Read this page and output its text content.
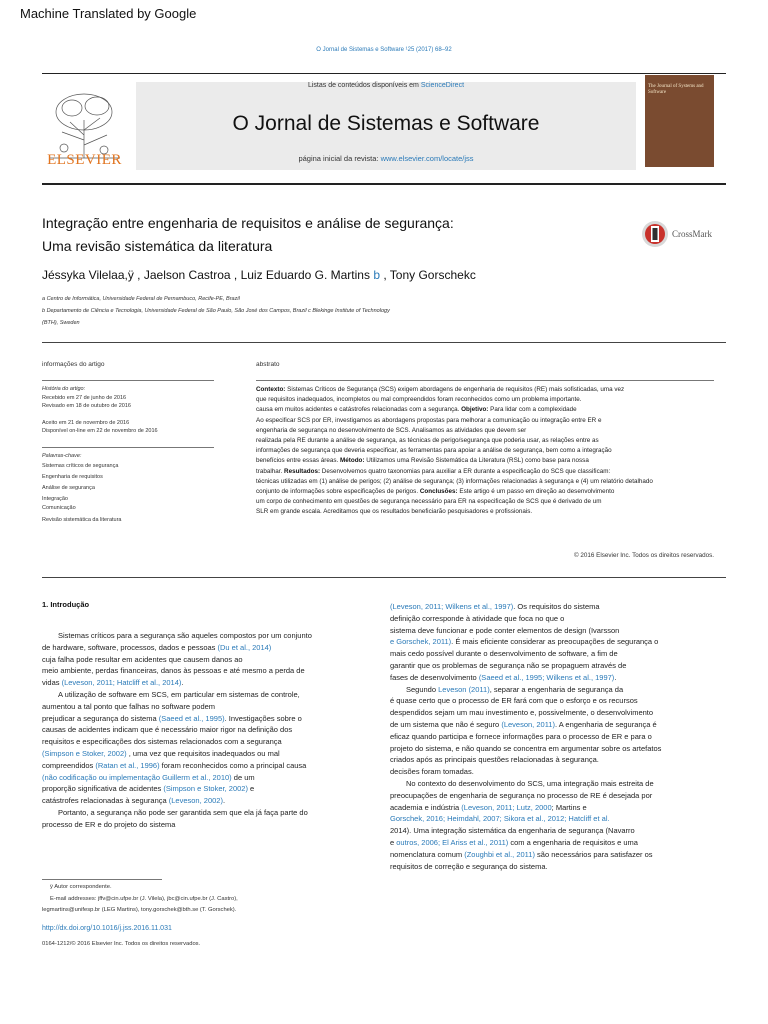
Machine Translated by Google
O Jornal de Sistemas e Software ¹25 (2017) 68–92
ELSEVIER
Listas de conteúdos disponíveis em ScienceDirect
O Jornal de Sistemas e Software
página inicial da revista: www.elsevier.com/locate/jss
The Journal of Systems and Software
Integração entre engenharia de requisitos e análise de segurança:
Uma revisão sistemática da literatura
CrossMark
Jéssyka Vilelaa,ÿ , Jaelson Castroa , Luiz Eduardo G. Martins b , Tony Gorschekc
a Centro de Informática, Universidade Federal de Pernambuco, Recife-PE, Brazil
b Departamento de Ciência e Tecnologia, Universidade Federal de São Paulo, São José dos Campos, Brazil c Blekinge Institute of Technology
(BTH), Sweden
informações do artigo	abstrato
História do artigo:
Recebido em 27 de junho de 2016
Revisado em 18 de outubro de 2016
Aceito em 21 de novembro de 2016
Disponível on-line em 22 de novembro de 2016
Palavras-chave:
Sistemas críticos de segurança
Engenharia de requisitos
Análise de segurança
Integração
Comunicação
Revisão sistemática da literatura
Contexto: Sistemas Críticos de Segurança (SCS) exigem abordagens de engenharia de requisitos (RE) mais sofisticadas, uma vez
que requisitos inadequados, incompletos ou mal compreendidos foram reconhecidos como um problema importante.
causa em muitos acidentes e catástrofes relacionadas com a segurança. Objetivo: Para lidar com a complexidade
Ao especificar SCS por ER, investigamos as abordagens propostas para melhorar a comunicação ou integração entre ER e
engenharia de segurança no desenvolvimento de SCS. Analisamos as atividades que devem ser
realizada pela RE durante a análise de segurança, as técnicas de perigo/segurança que poderia usar, as relações entre as
informações de segurança que deveria especificar, as ferramentas para apoiar a análise de segurança, bem como a integração
benefícios entre essas áreas. Método: Utilizamos uma Revisão Sistemática da Literatura (RSL) como base para nossa
trabalhar. Resultados: Desenvolvemos quatro taxonomias para auxiliar a ER durante a especificação do SCS que classificam:
técnicas utilizadas em (1) análise de perigos; (2) análise de segurança; (3) informações relacionadas à segurança e (4) um relatório detalhado
conjunto de informações sobre especificações de perigos. Conclusões: Este artigo é um passo em direção ao desenvolvimento
um corpo de conhecimento em questões de segurança necessário para ER na especificação de SCS que é derivado de um
SLR em grande escala. Acreditamos que os resultados beneficiarão pesquisadores e profissionais.
© 2016 Elsevier Inc. Todos os direitos reservados.
1. Introdução
Sistemas críticos para a segurança são aqueles compostos por um conjunto
de hardware, software, processos, dados e pessoas (Du et al., 2014)
cuja falha pode resultar em acidentes que causem danos ao
meio ambiente, perdas financeiras, danos às pessoas e até mesmo a perda de
vidas (Leveson, 2011; Hatcliff et al., 2014).
A utilização de software em SCS, em particular em sistemas de controle,
aumentou a tal ponto que falhas no software podem
prejudicar a segurança do sistema (Saeed et al., 1995). Investigações sobre o
causas de acidentes indicam que é necessário maior rigor na definição dos
requisitos e especificações dos sistemas relacionados com a segurança
(Simpson e Stoker, 2002) , uma vez que requisitos inadequados ou mal
compreendidos (Ratan et al., 1996) foram reconhecidos como a principal causa
(não codificação ou implementação Guillerm et al., 2010) de um
proporção significativa de acidentes (Simpson e Stoker, 2002) e
catástrofes relacionadas à segurança (Leveson, 2002).
Portanto, a segurança não pode ser garantida sem que ela já faça parte do
processo de ER e do projeto do sistema
(Leveson, 2011; Wilkens et al., 1997). Os requisitos do sistema
definição corresponde à atividade que foca no que o
sistema deve funcionar e pode conter elementos de design (Ivarsson
e Gorschek, 2011). É mais eficiente considerar as preocupações de segurança o
mais cedo possível durante o desenvolvimento de software, a fim de
garantir que os problemas de segurança não se propaguem através de
fases de desenvolvimento (Saeed et al., 1995; Wilkens et al., 1997).
Segundo Leveson (2011), separar a engenharia de segurança da
é quase certo que o processo de ER fará com que o esforço e os recursos
despendidos sejam um mau investimento e, possivelmente, o desenvolvimento
de um sistema que não é seguro (Leveson, 2011). A engenharia de segurança é
eficaz quando participa e fornece informações para o processo de ER e para o
projeto do sistema, e não quando se concentra em argumentar sobre os artefatos
criados após as principais questões relacionadas à segurança.
decisões foram tomadas.
No contexto do desenvolvimento do SCS, uma integração mais estreita de
preocupações de engenharia de segurança no processo de RE é desejada por
academia e indústria (Leveson, 2011; Lutz, 2000; Martins e
Gorschek, 2016; Heimdahl, 2007; Sikora et al., 2012; Hatcliff et al.
2014). Uma integração sistemática da engenharia de segurança (Navarro
e outros, 2006; El Ariss et al., 2011) com a engenharia de requisitos e uma
nomenclatura comum (Zoughbi et al., 2011) são necessários para satisfazer os
requisitos de correção e segurança do sistema.
ÿ Autor correspondente.
E-mail addresses: jffv@cin.ufpe.br (J. Vilela), jbc@cin.ufpe.br (J. Castro),
legmartins@unifesp.br (LEG Martins), tony.gorschek@bth.se (T. Gorschek).
http://dx.doi.org/10.1016/j.jss.2016.11.031
0164-1212/© 2016 Elsevier Inc. Todos os direitos reservados.
